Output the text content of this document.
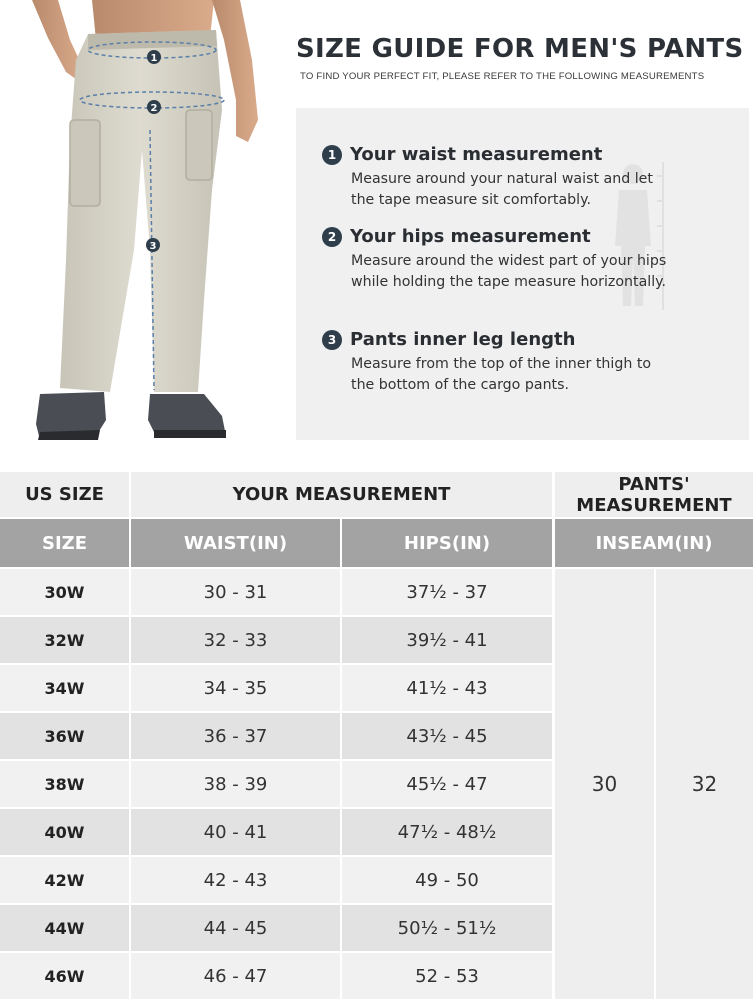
1
2
3
SIZE GUIDE FOR MEN'S PANTS
TO FIND YOUR PERFECT FIT, PLEASE REFER TO THE FOLLOWING MEASUREMENTS
1 Your waist measurement
Measure around your natural waist and let
the tape measure sit comfortably.
2 Your hips measurement
Measure around the widest part of your hips
while holding the tape measure horizontally.
3 Pants inner leg length
Measure from the top of the inner thigh to
the bottom of the cargo pants.
US SIZE	YOUR MEASUREMENT	PANTS'
MEASUREMENT
SIZE	WAIST(IN)	HIPS(IN)	INSEAM(IN)
30W	30 - 31	37½ - 37
32W	32 - 33	39½ - 41
34W	34 - 35	41½ - 43
36W	36 - 37	43½ - 45
38W	38 - 39	45½ - 47
40W	40 - 41	47½ - 48½
42W	42 - 43	49 - 50
44W	44 - 45	50½ - 51½
46W	46 - 47	52 - 53
30	32
